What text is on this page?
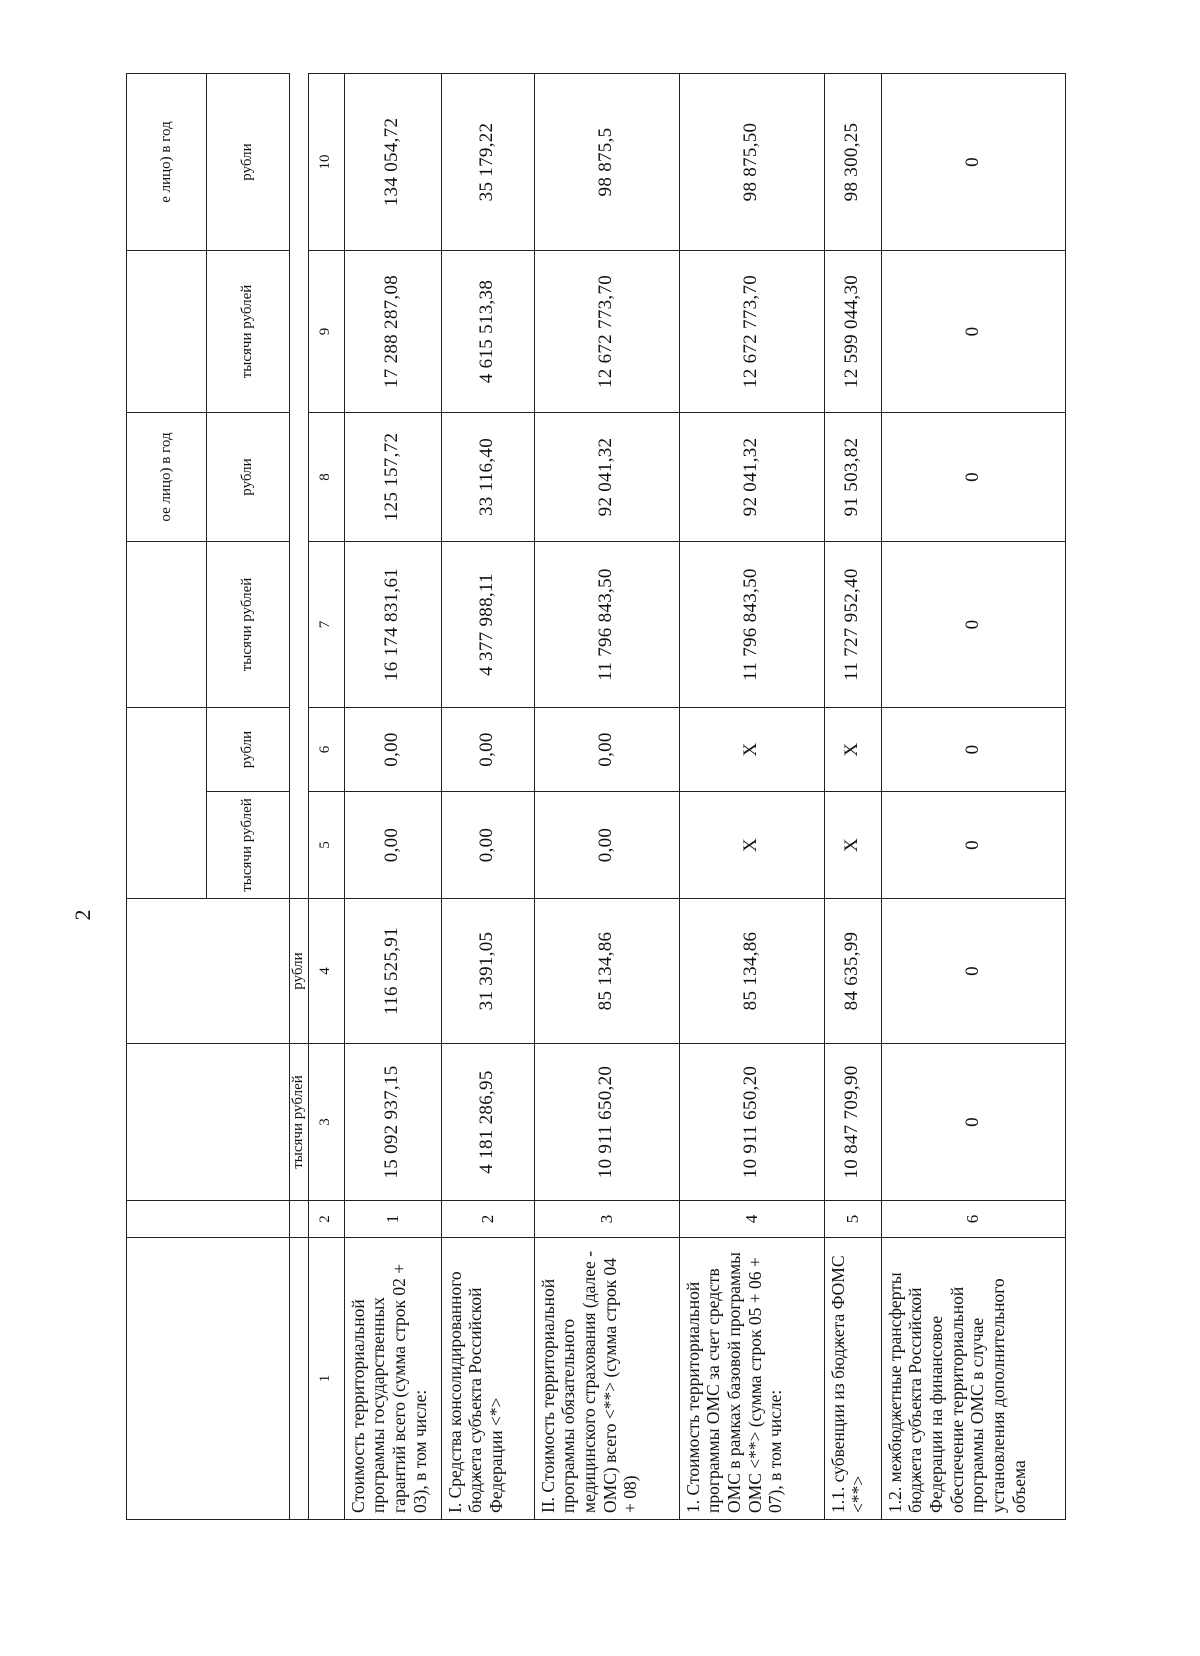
2
							ое лицо) в год		е лицо) в год
				тысячи рублей	рубли	тысячи рублей	рубли	тысячи рублей	рубли
		тысячи рублей	рубли					
1	2	3	4	5	6	7	8	9	10
Стоимость территориальной программы государственных гарантий всего (сумма строк 02 + 03), в том числе:	1	15 092 937,15	116 525,91	0,00	0,00	16 174 831,61	125 157,72	17 288 287,08	134 054,72
I. Средства консолидированного бюджета субъекта Российской Федерации <*>	2	4 181 286,95	31 391,05	0,00	0,00	4 377 988,11	33 116,40	4 615 513,38	35 179,22
II. Стоимость территориальной программы обязательного медицинского страхования (далее - ОМС) всего <**> (сумма строк 04 + 08)	3	10 911 650,20	85 134,86	0,00	0,00	11 796 843,50	92 041,32	12 672 773,70	98 875,5
1. Стоимость территориальной программы ОМС за счет средств ОМС в рамках базовой программы ОМС <**> (сумма строк 05 + 06 + 07), в том числе:	4	10 911 650,20	85 134,86	X	X	11 796 843,50	92 041,32	12 672 773,70	98 875,50
1.1. субвенции из бюджета ФОМС <**>	5	10 847 709,90	84 635,99	X	X	11 727 952,40	91 503,82	12 599 044,30	98 300,25
1.2. межбюджетные трансферты бюджета субъекта Российской Федерации на финансовое обеспечение территориальной программы ОМС в случае установления дополнительного объема	6	0	0	0	0	0	0	0	0
